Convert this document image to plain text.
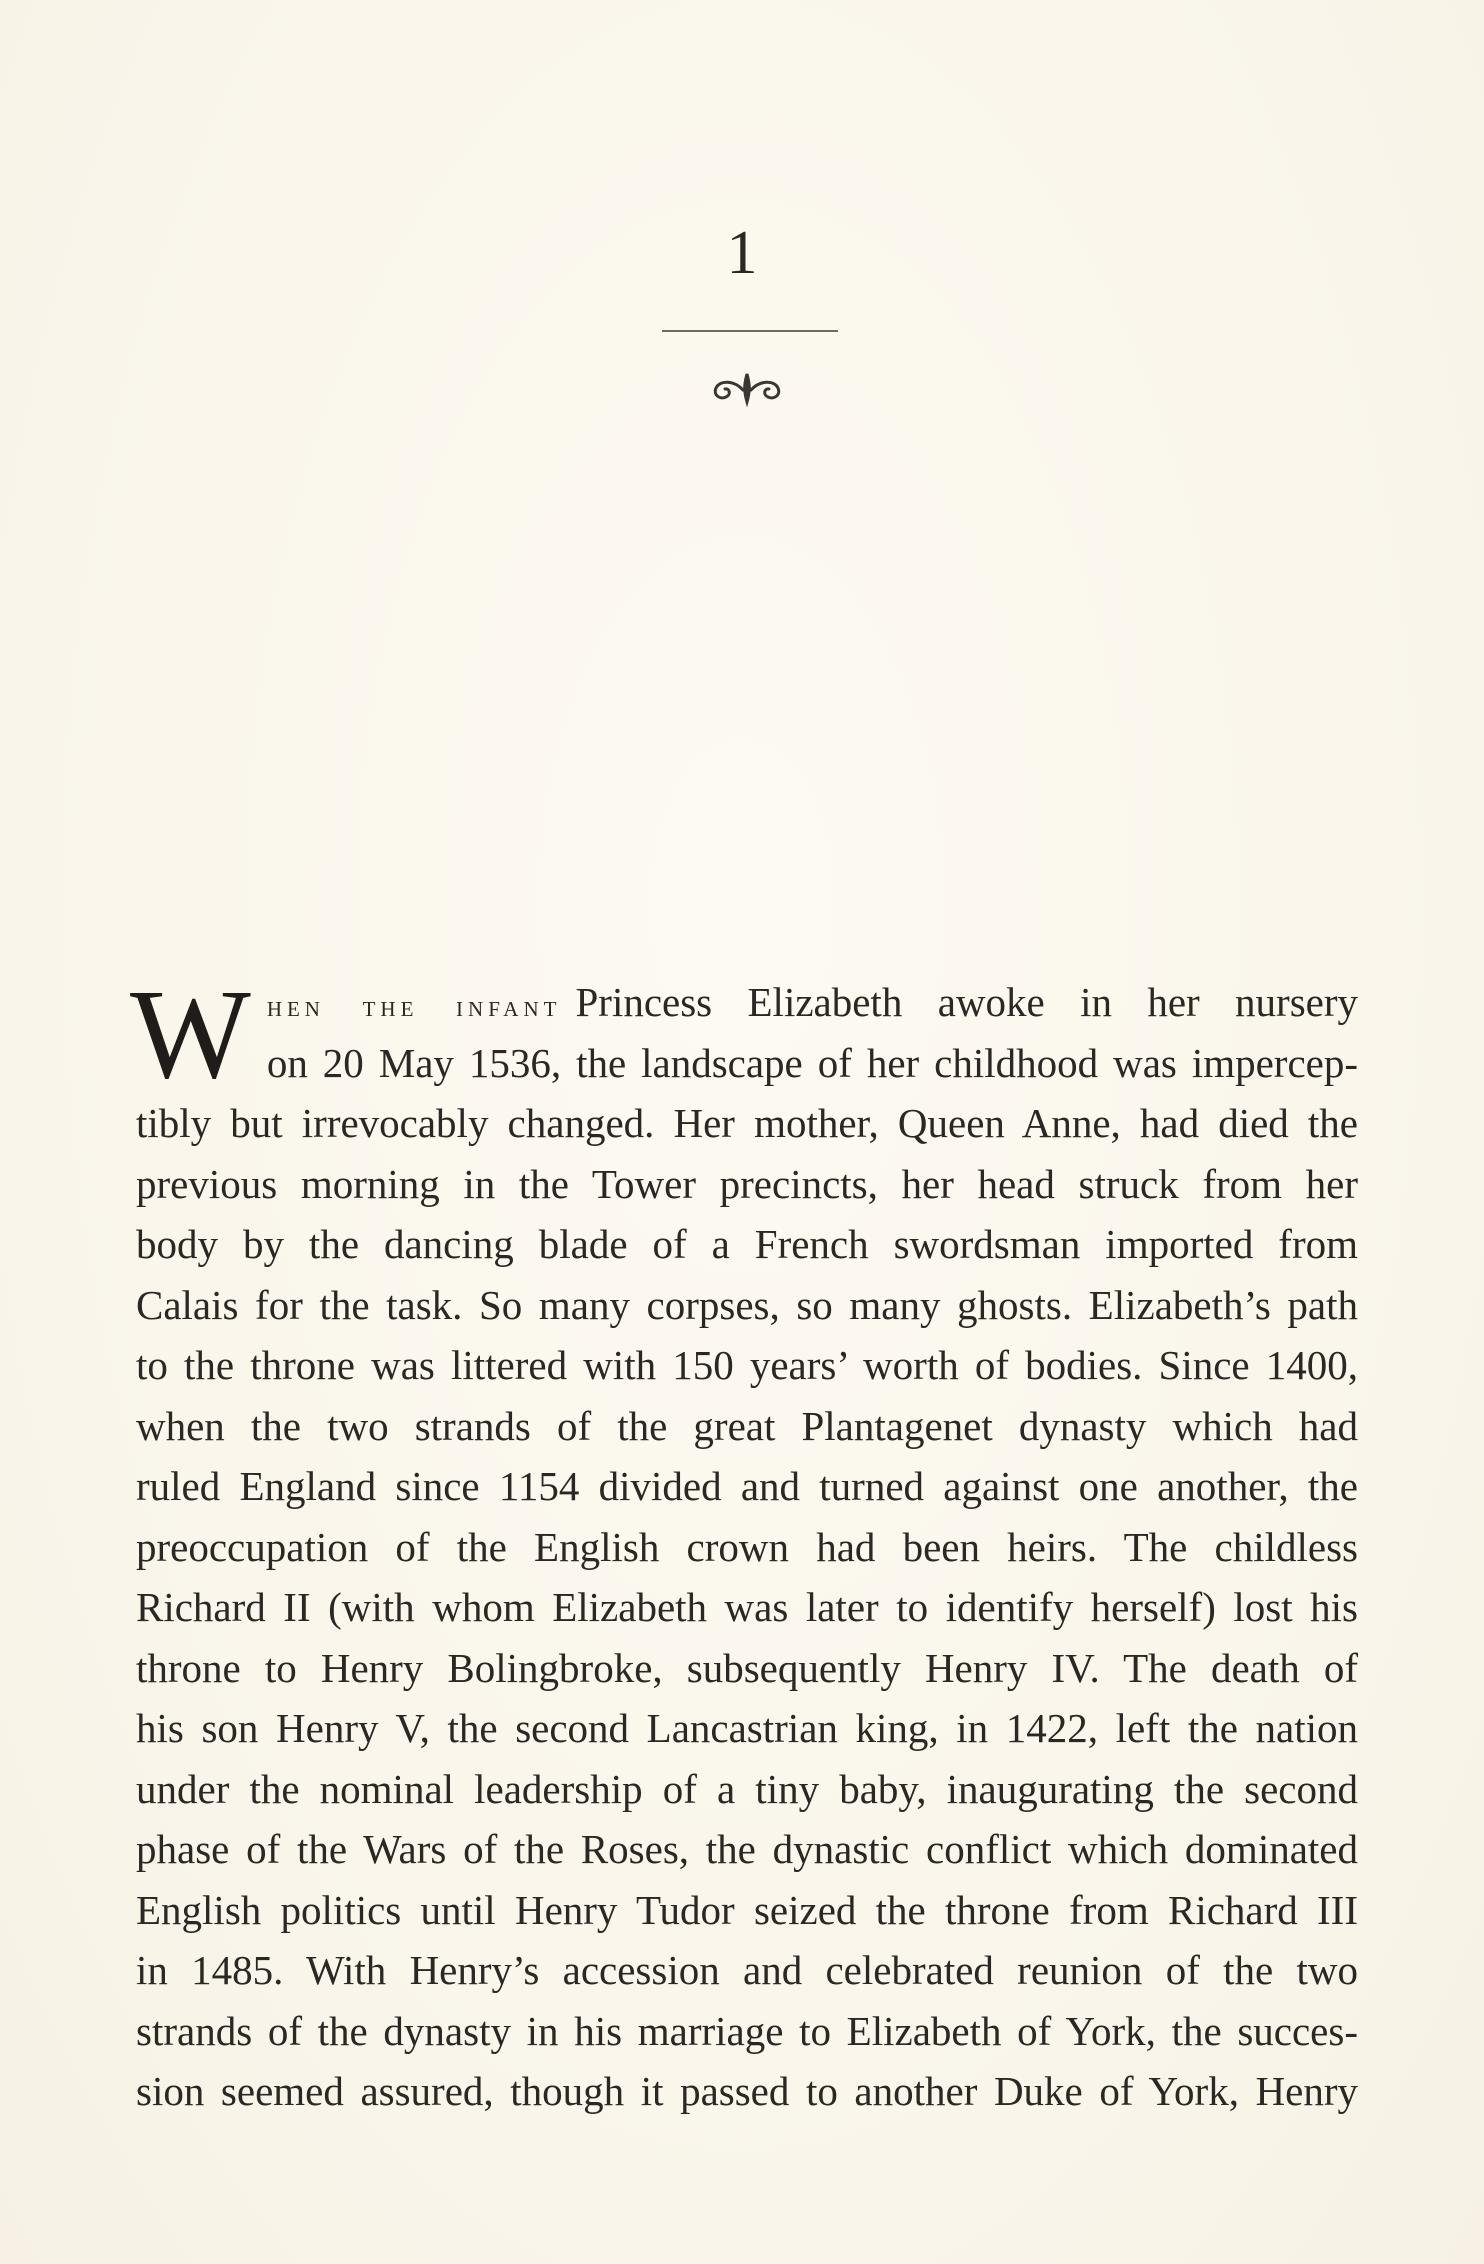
1
W hen the infant Princess Elizabeth awoke in her nursery
on 20 May 1536, the landscape of her childhood was impercep-
tibly but irrevocably changed. Her mother, Queen Anne, had died the
previous morning in the Tower precincts, her head struck from her
body by the dancing blade of a French swordsman imported from
Calais for the task. So many corpses, so many ghosts. Elizabeth’s path
to the throne was littered with 150 years’ worth of bodies. Since 1400,
when the two strands of the great Plantagenet dynasty which had
ruled England since 1154 divided and turned against one another, the
preoccupation of the English crown had been heirs. The childless
Richard II (with whom Elizabeth was later to identify herself) lost his
throne to Henry Bolingbroke, subsequently Henry IV. The death of
his son Henry V, the second Lancastrian king, in 1422, left the nation
under the nominal leadership of a tiny baby, inaugurating the second
phase of the Wars of the Roses, the dynastic conflict which dominated
English politics until Henry Tudor seized the throne from Richard III
in 1485. With Henry’s accession and celebrated reunion of the two
strands of the dynasty in his marriage to Elizabeth of York, the succes-
sion seemed assured, though it passed to another Duke of York, Henry
